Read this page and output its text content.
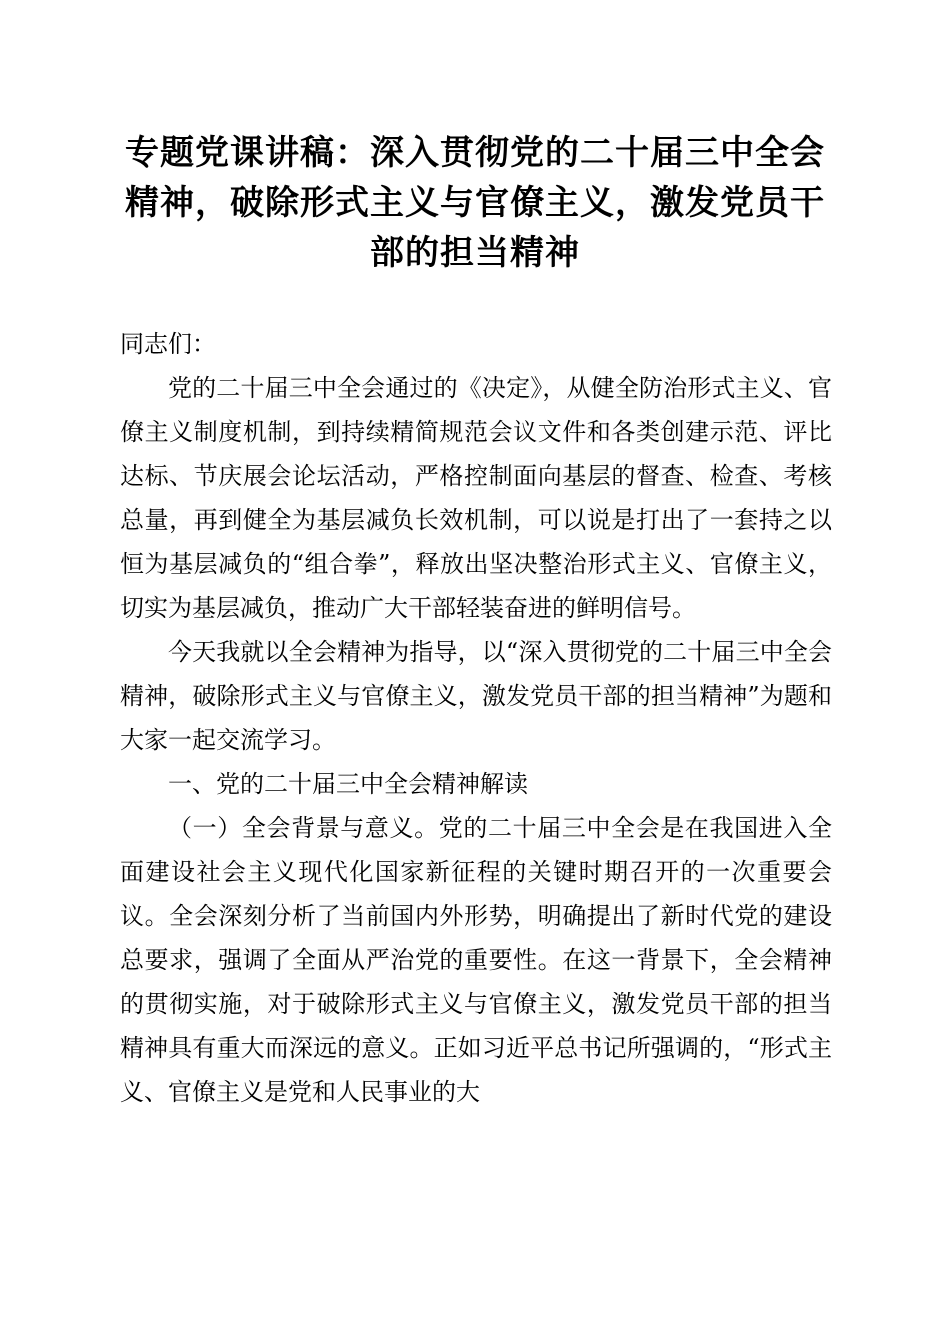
专题党课讲稿：深入贯彻党的二十届三中全会
精神，破除形式主义与官僚主义，激发党员干
部的担当精神

同志们：

党的二十届三中全会通过的《决定》，从健全防治形式主义、官僚主义制度机制，到持续精简规范会议文件和各类创建示范、评比达标、节庆展会论坛活动，严格控制面向基层的督查、检查、考核总量，再到健全为基层减负长效机制，可以说是打出了一套持之以恒为基层减负的“组合拳”，释放出坚决整治形式主义、官僚主义，切实为基层减负，推动广大干部轻装奋进的鲜明信号。

今天我就以全会精神为指导，以“深入贯彻党的二十届三中全会精神，破除形式主义与官僚主义，激发党员干部的担当精神”为题和大家一起交流学习。

一、党的二十届三中全会精神解读

（一）全会背景与意义。党的二十届三中全会是在我国进入全面建设社会主义现代化国家新征程的关键时期召开的一次重要会议。全会深刻分析了当前国内外形势，明确提出了新时代党的建设总要求，强调了全面从严治党的重要性。在这一背景下，全会精神的贯彻实施，对于破除形式主义与官僚主义，激发党员干部的担当精神具有重大而深远的意义。正如习近平总书记所强调的，“形式主义、官僚主义是党和人民事业的大
